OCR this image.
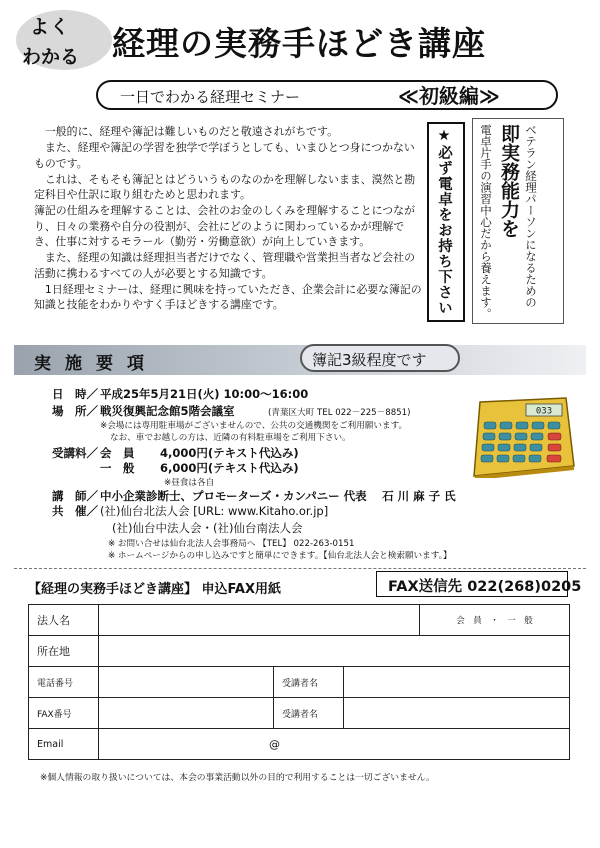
よく
わかる 経理の実務手ほどき講座
一日でわかる経理セミナー	≪初級編≫

一般的に、経理や簿記は難しいものだと敬遠されがちです。

また、経理や簿記の学習を独学で学ぼうとしても、いまひとつ身につかないものです。

これは、そもそも簿記とはどういうものなのかを理解しないまま、漠然と勘定科目や仕訳に取り組むためと思われます。

簿記の仕組みを理解することは、会社のお金のしくみを理解することにつながり、日々の業務や自分の役割が、会社にどのように関わっているかが理解でき、仕事に対するモラール（勤労・労働意欲）が向上していきます。

また、経理の知識は経理担当者だけでなく、管理職や営業担当者など会社の活動に携わるすべての人が必要とする知識です。

1日経理セミナーは、経理に興味を持っていただき、企業会計に必要な簿記の知識と技能をわかりやすく手ほどきする講座です。	★必ず電卓をお持ち下さい	ベテラン経理パーソンになるための
即実務能力を
電卓片手の演習中心だから養えます。
実施要項	簿記3級程度です
日　時／ 平成25年5月21日(火) 10:00～16:00
場　所／ 戦災復興記念館5階会議室	(青葉区大町 TEL 022－225－8851)
※会場には専用駐車場がございませんので、公共の交通機関をご利用願います。
なお、車でお越しの方は、近隣の有料駐車場をご利用下さい。
受講料／ 会　員 4,000円(テキスト代込み)
一　般 6,000円(テキスト代込み)
※昼食は各自
講　師／ 中小企業診断士、プロモーターズ・カンパニー 代表　 石 川 麻 子 氏
共　催／ (社)仙台北法人会 [URL: www.Kitaho.or.jp]
(社)仙台中法人会・(社)仙台南法人会
※ お問い合せは仙台北法人会事務局へ 【TEL】 022-263-0151
※ ホームページからの申し込みですと簡単にできます。【仙台北法人会と検索願います。】
033
【経理の実務手ほどき講座】 申込FAX用紙	FAX送信先 022(268)0205
法人名				会　員　・　一　般
所在地				
電話番号		受講者名		
FAX番号		受講者名		
Email	@			
※個人情報の取り扱いについては、本会の事業活動以外の目的で利用することは一切ございません。
